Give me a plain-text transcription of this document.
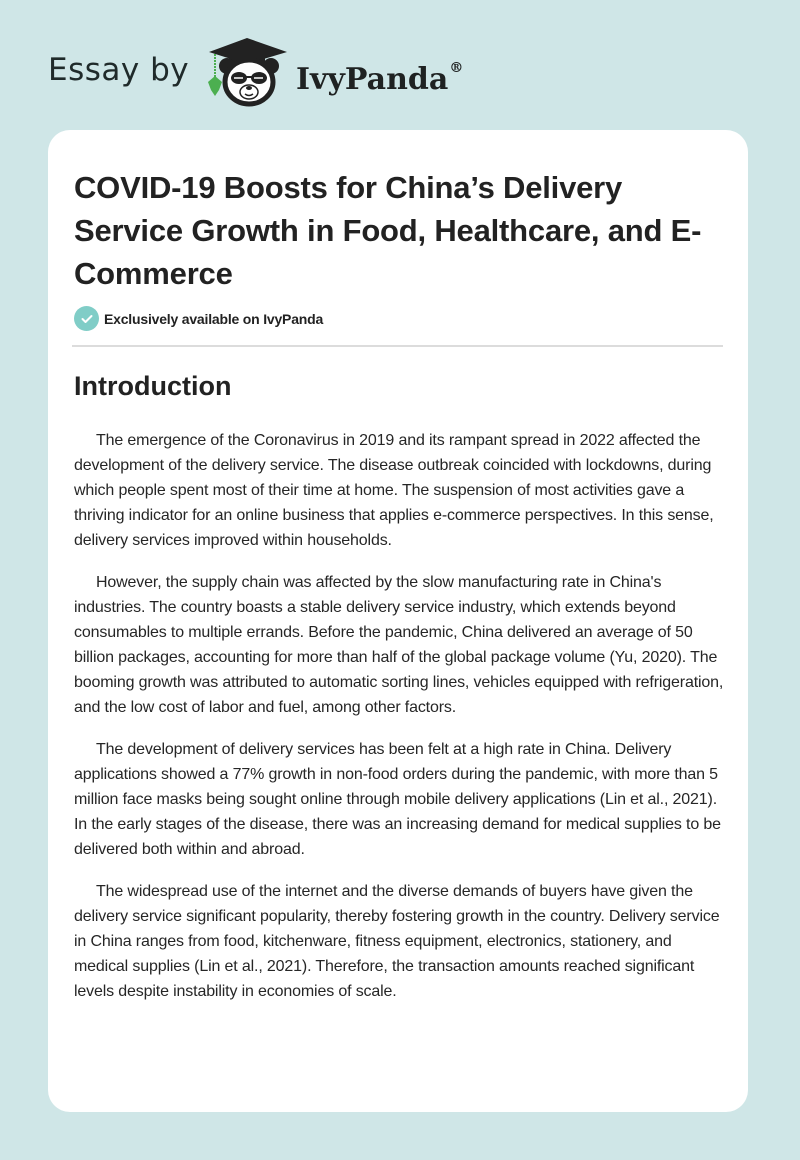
Essay by	IvyPanda®
COVID-19 Boosts for China’s Delivery Service Growth in Food, Healthcare, and E-Commerce
Exclusively available on IvyPanda
Introduction

The emergence of the Coronavirus in 2019 and its rampant spread in 2022 affected the development of the delivery service. The disease outbreak coincided with lockdowns, during which people spent most of their time at home. The suspension of most activities gave a thriving indicator for an online business that applies e-commerce perspectives. In this sense, delivery services improved within households.

However, the supply chain was affected by the slow manufacturing rate in China's industries. The country boasts a stable delivery service industry, which extends beyond consumables to multiple errands. Before the pandemic, China delivered an average of 50 billion packages, accounting for more than half of the global package volume (Yu, 2020). The booming growth was attributed to automatic sorting lines, vehicles equipped with refrigeration, and the low cost of labor and fuel, among other factors.

The development of delivery services has been felt at a high rate in China. Delivery applications showed a 77% growth in non-food orders during the pandemic, with more than 5 million face masks being sought online through mobile delivery applications (Lin et al., 2021). In the early stages of the disease, there was an increasing demand for medical supplies to be delivered both within and abroad.

The widespread use of the internet and the diverse demands of buyers have given the delivery service significant popularity, thereby fostering growth in the country. Delivery service in China ranges from food, kitchenware, fitness equipment, electronics, stationery, and medical supplies (Lin et al., 2021). Therefore, the transaction amounts reached significant levels despite instability in economies of scale.
